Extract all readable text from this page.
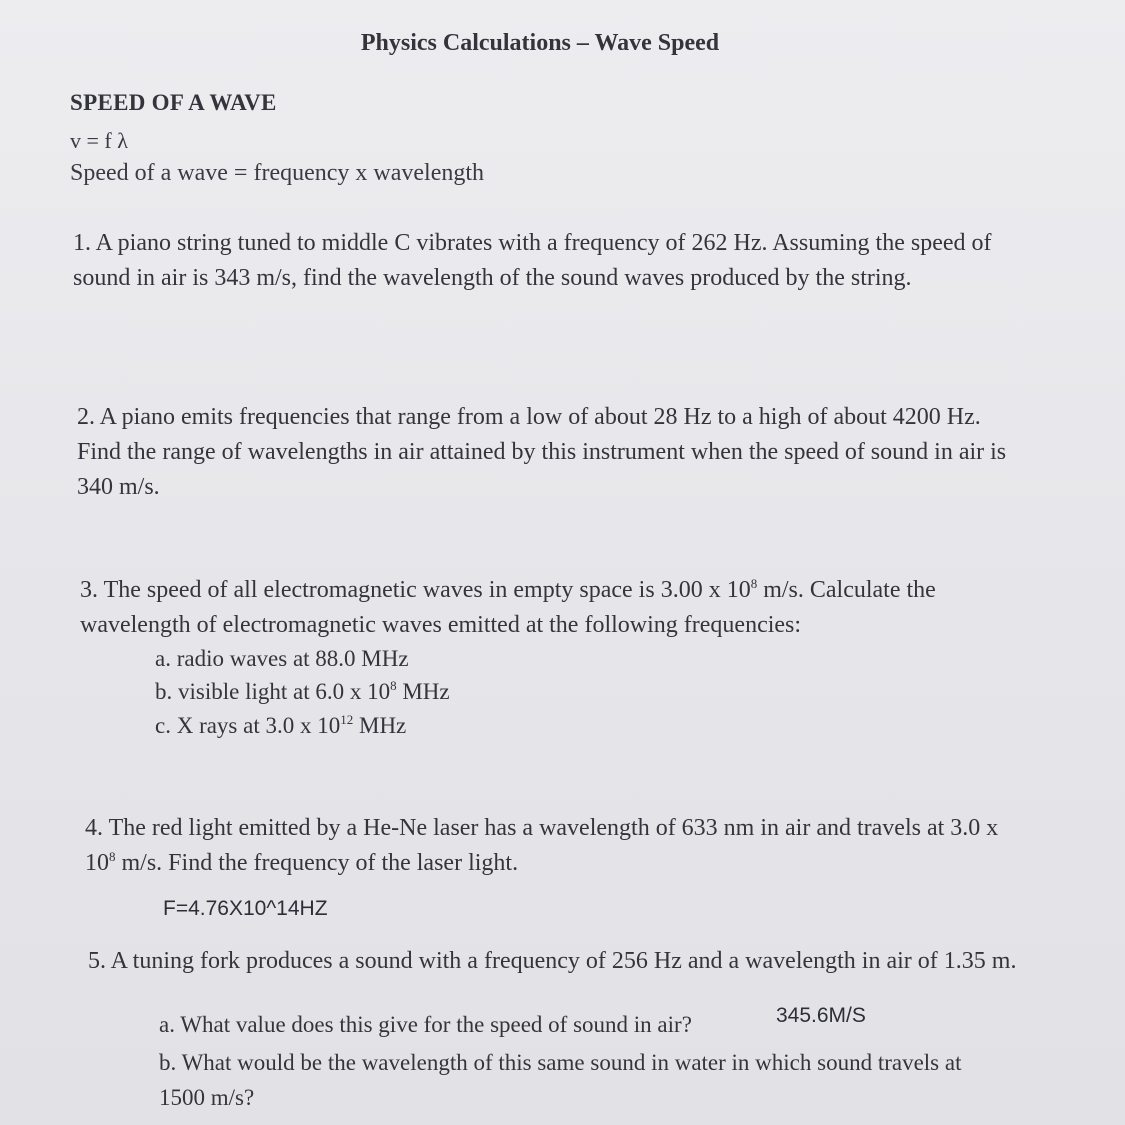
Physics Calculations – Wave Speed
SPEED OF A WAVE
v = f λ
Speed of a wave = frequency x wavelength
1. A piano string tuned to middle C vibrates with a frequency of 262 Hz. Assuming the speed of sound in air is 343 m/s, find the wavelength of the sound waves produced by the string.
2. A piano emits frequencies that range from a low of about 28 Hz to a high of about 4200 Hz. Find the range of wavelengths in air attained by this instrument when the speed of sound in air is 340 m/s.
3. The speed of all electromagnetic waves in empty space is 3.00 x $10^8$ m/s. Calculate the wavelength of electromagnetic waves emitted at the following frequencies:
a. radio waves at 88.0 MHz
b. visible light at 6.0 x $10^8$ MHz
c. X rays at 3.0 x $10^{12}$ MHz
4. The red light emitted by a He-Ne laser has a wavelength of 633 nm in air and travels at 3.0 x $10^8$ m/s. Find the frequency of the laser light.
F=4.76X10^14HZ
5. A tuning fork produces a sound with a frequency of 256 Hz and a wavelength in air of 1.35 m.
a. What value does this give for the speed of sound in air?	345.6M/S
b. What would be the wavelength of this same sound in water in which sound travels at 1500 m/s?
